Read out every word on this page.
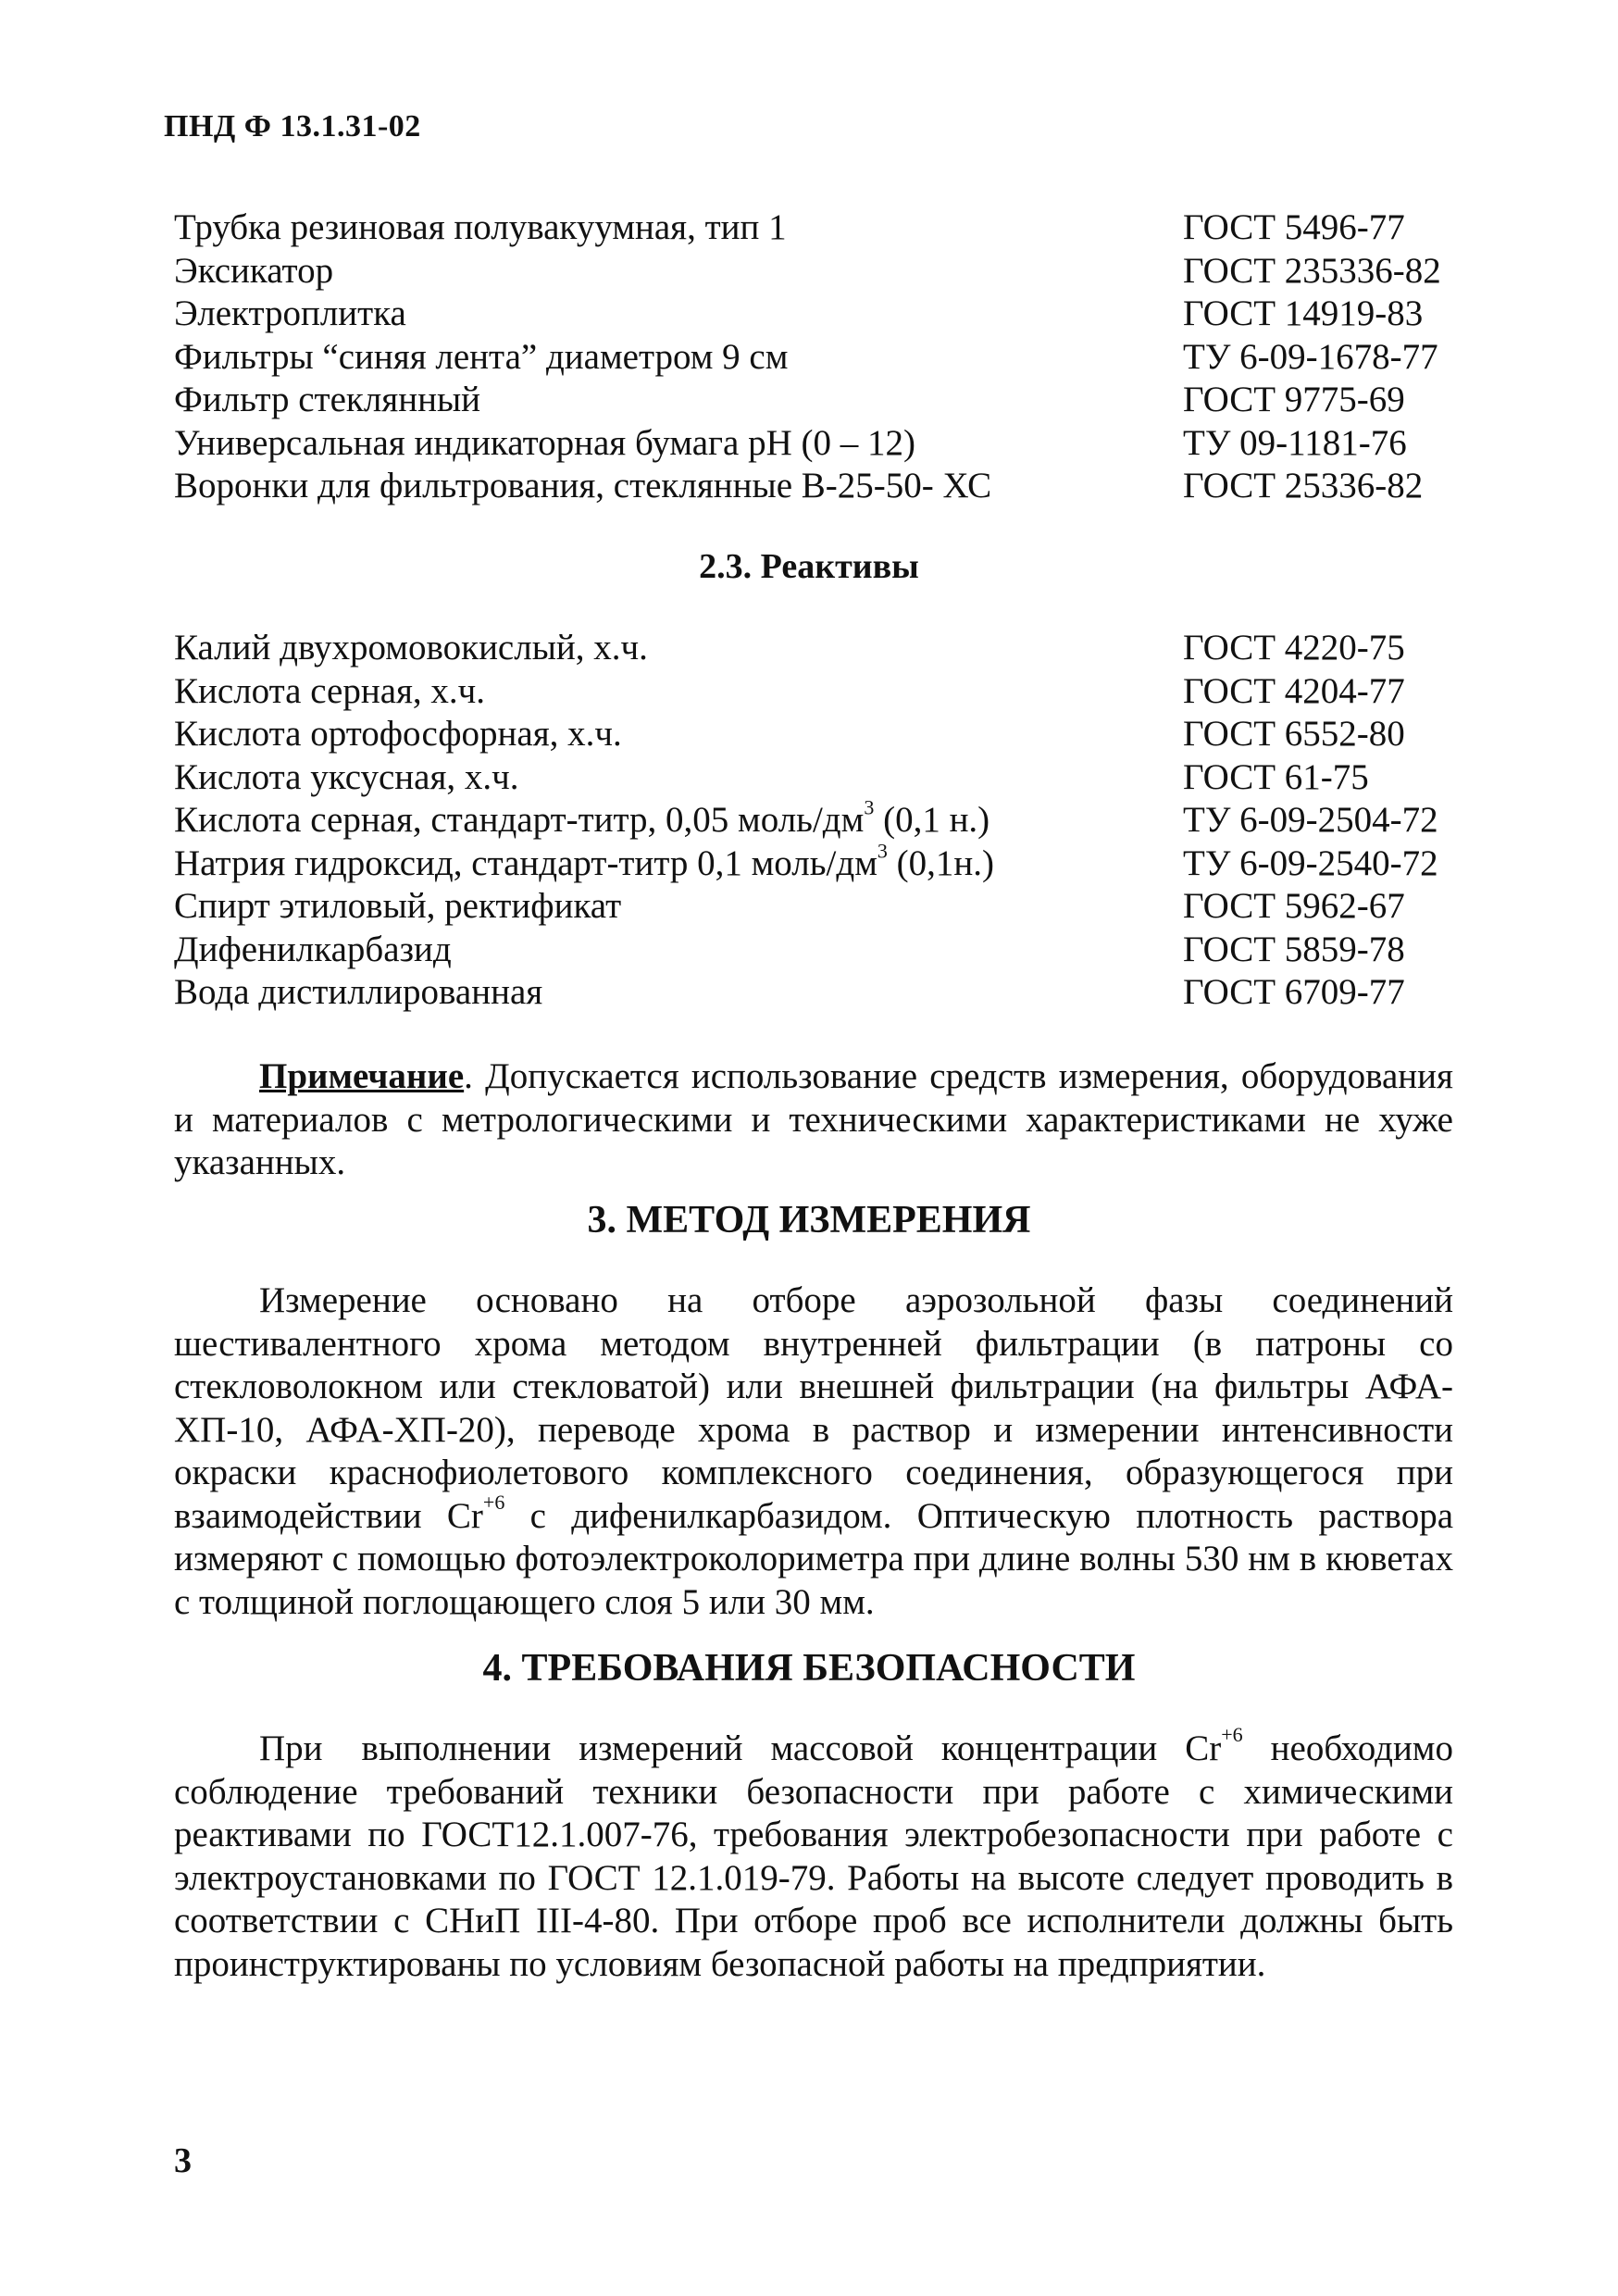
ПНД Ф 13.1.31-02
Трубка резиновая полувакуумная, тип 1	ГОСТ 5496-77
Эксикатор	ГОСТ 235336-82
Электроплитка	ГОСТ 14919-83
Фильтры “синяя лента” диаметром 9 см	ТУ 6-09-1678-77
Фильтр стеклянный	ГОСТ 9775-69
Универсальная индикаторная бумага рН (0 – 12)	ТУ 09-1181-76
Воронки для фильтрования, стеклянные В-25-50- ХС	ГОСТ 25336-82
2.3. Реактивы
Калий двухромовокислый, х.ч.	ГОСТ 4220-75
Кислота серная, х.ч.	ГОСТ 4204-77
Кислота ортофосфорная, х.ч.	ГОСТ 6552-80
Кислота уксусная, х.ч.	ГОСТ 61-75
Кислота серная, стандарт-титр, 0,05 моль/$дм^3$ (0,1 н.)	ТУ 6-09-2504-72
Натрия гидроксид, стандарт-титр 0,1 моль/$дм^3$ (0,1н.)	ТУ 6-09-2540-72
Спирт этиловый, ректификат	ГОСТ 5962-67
Дифенилкарбазид	ГОСТ 5859-78
Вода дистиллированная	ГОСТ 6709-77

Примечание. Допускается использование средств измерения, оборудования и материалов с метрологическими и техническими характеристиками не хуже указанных.

3. МЕТОД ИЗМЕРЕНИЯ

Измерение основано на отборе аэрозольной фазы соединений шестивалентного хрома методом внутренней фильтрации (в патроны со стекловолокном или стекловатой) или внешней фильтрации (на фильтры АФА-ХП-10, АФА-ХП-20), переводе хрома в раствор и измерении интенсивности окраски краснофиолетового комплексного соединения, образующегося при взаимодействии $Cr^{+6}$ с дифенилкарбазидом. Оптическую плотность раствора измеряют с помощью фотоэлектроколориметра при длине волны 530 нм в кюветах с толщиной поглощающего слоя 5 или 30 мм.

4. ТРЕБОВАНИЯ БЕЗОПАСНОСТИ

При выполнении измерений массовой концентрации $Cr^{+6}$ необходимо соблюдение требований техники безопасности при работе с химическими реактивами по ГОСТ12.1.007-76, требования электробезопасности при работе с электроустановками по ГОСТ 12.1.019-79. Работы на высоте следует проводить в соответствии с СНиП III-4-80. При отборе проб все исполнители должны быть проинструктированы по условиям безопасной работы на предприятии.

3
